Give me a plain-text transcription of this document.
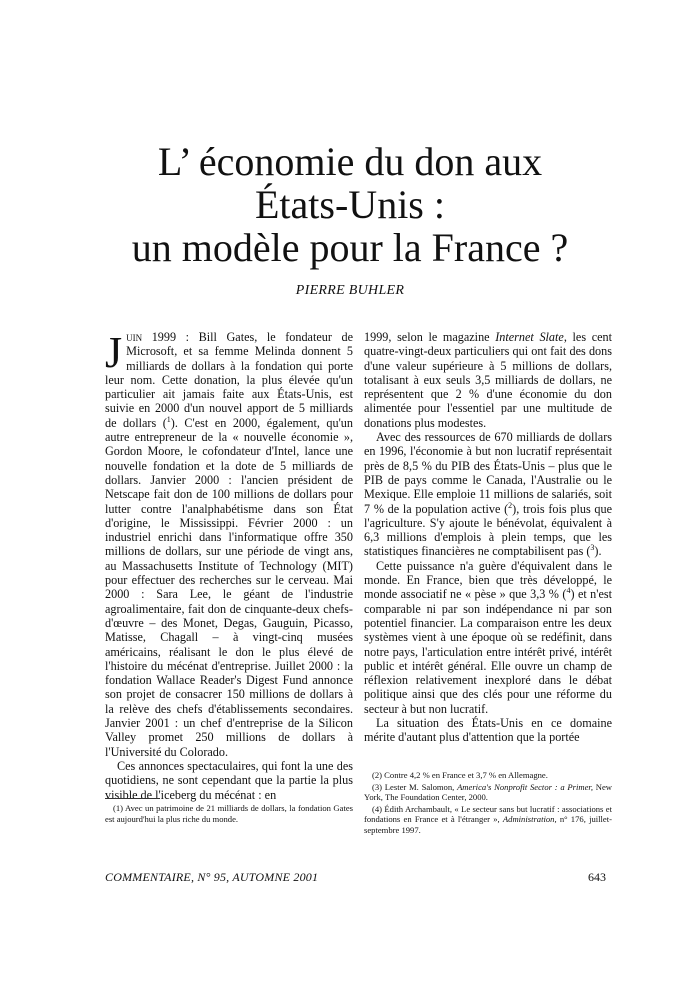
L’ économie du don aux
États-Unis :
un modèle pour la France ?
PIERRE BUHLER

Juin 1999 : Bill Gates, le fondateur de Microsoft, et sa femme Melinda donnent 5 milliards de dollars à la fondation qui porte leur nom. Cette donation, la plus élevée qu'un particulier ait jamais faite aux États-Unis, est suivie en 2000 d'un nouvel apport de 5 milliards de dollars ($^1$). C'est en 2000, également, qu'un autre entrepreneur de la « nouvelle économie », Gordon Moore, le cofondateur d'Intel, lance une nouvelle fondation et la dote de 5 milliards de dollars. Janvier 2000 : l'ancien président de Netscape fait don de 100 millions de dollars pour lutter contre l'analphabétisme dans son État d'origine, le Mississippi. Février 2000 : un industriel enrichi dans l'informatique offre 350 millions de dollars, sur une période de vingt ans, au Massachusetts Institute of Technology (MIT) pour effectuer des recherches sur le cerveau. Mai 2000 : Sara Lee, le géant de l'industrie agroalimentaire, fait don de cinquante-deux chefs-d'œuvre – des Monet, Degas, Gauguin, Picasso, Matisse, Chagall – à vingt-cinq musées américains, réalisant le don le plus élevé de l'histoire du mécénat d'entreprise. Juillet 2000 : la fondation Wallace Reader's Digest Fund annonce son projet de consacrer 150 millions de dollars à la relève des chefs d'établissements secondaires. Janvier 2001 : un chef d'entreprise de la Silicon Valley promet 250 millions de dollars à l'Université du Colorado.

Ces annonces spectaculaires, qui font la une des quotidiens, ne sont cependant que la partie la plus visible de l'iceberg du mécénat : en

1999, selon le magazine Internet Slate, les cent quatre-vingt-deux particuliers qui ont fait des dons d'une valeur supérieure à 5 millions de dollars, totalisant à eux seuls 3,5 milliards de dollars, ne représentent que 2 % d'une économie du don alimentée pour l'essentiel par une multitude de donations plus modestes.

Avec des ressources de 670 milliards de dollars en 1996, l'économie à but non lucratif représentait près de 8,5 % du PIB des États-Unis – plus que le PIB de pays comme le Canada, l'Australie ou le Mexique. Elle emploie 11 millions de salariés, soit 7 % de la population active ($^2$), trois fois plus que l'agriculture. S'y ajoute le bénévolat, équivalent à 6,3 millions d'emplois à plein temps, que les statistiques financières ne comptabilisent pas ($^3$).

Cette puissance n'a guère d'équivalent dans le monde. En France, bien que très développé, le monde associatif ne « pèse » que 3,3 % ($^4$) et n'est comparable ni par son indépendance ni par son potentiel financier. La comparaison entre les deux systèmes vient à une époque où se redéfinit, dans notre pays, l'articulation entre intérêt privé, intérêt public et intérêt général. Elle ouvre un champ de réflexion relativement inexploré dans le débat politique ainsi que des clés pour une réforme du secteur à but non lucratif.

La situation des États-Unis en ce domaine mérite d'autant plus d'attention que la portée

(1) Avec un patrimoine de 21 milliards de dollars, la fondation Gates est aujourd'hui la plus riche du monde.

(2) Contre 4,2 % en France et 3,7 % en Allemagne.

(3) Lester M. Salomon, America's Nonprofit Sector : a Primer, New York, The Foundation Center, 2000.

(4) Édith Archambault, « Le secteur sans but lucratif : associations et fondations en France et à l'étranger », Administration, n° 176, juillet-septembre 1997.

COMMENTAIRE, N° 95, AUTOMNE 2001	643
